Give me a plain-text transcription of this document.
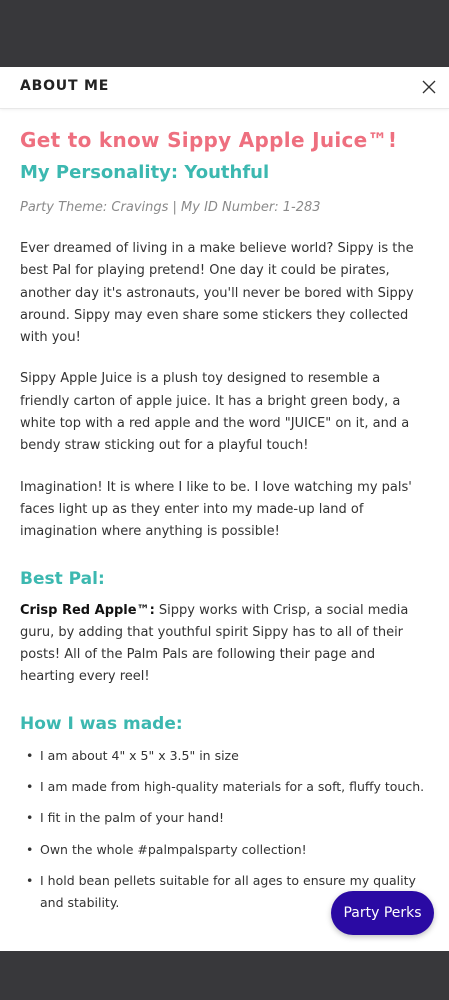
ABOUT ME
Get to know Sippy Apple Juice™!
My Personality: Youthful
Party Theme: Cravings | My ID Number: 1-283

Ever dreamed of living in a make believe world? Sippy is the best Pal for playing pretend! One day it could be pirates, another day it's astronauts, you'll never be bored with Sippy around. Sippy may even share some stickers they collected with you!

Sippy Apple Juice is a plush toy designed to resemble a friendly carton of apple juice. It has a bright green body, a white top with a red apple and the word "JUICE" on it, and a bendy straw sticking out for a playful touch!

Imagination! It is where I like to be. I love watching my pals' faces light up as they enter into my made-up land of imagination where anything is possible!

Best Pal:

Crisp Red Apple™: Sippy works with Crisp, a social media guru, by adding that youthful spirit Sippy has to all of their posts! All of the Palm Pals are following their page and hearting every reel!

How I was made:
• I am about 4" x 5" x 3.5" in size
• I am made from high-quality materials for a soft, fluffy touch.
• I fit in the palm of your hand!
• Own the whole #palmpalsparty collection!
• I hold bean pellets suitable for all ages to ensure my quality and stability.
Party Perks
